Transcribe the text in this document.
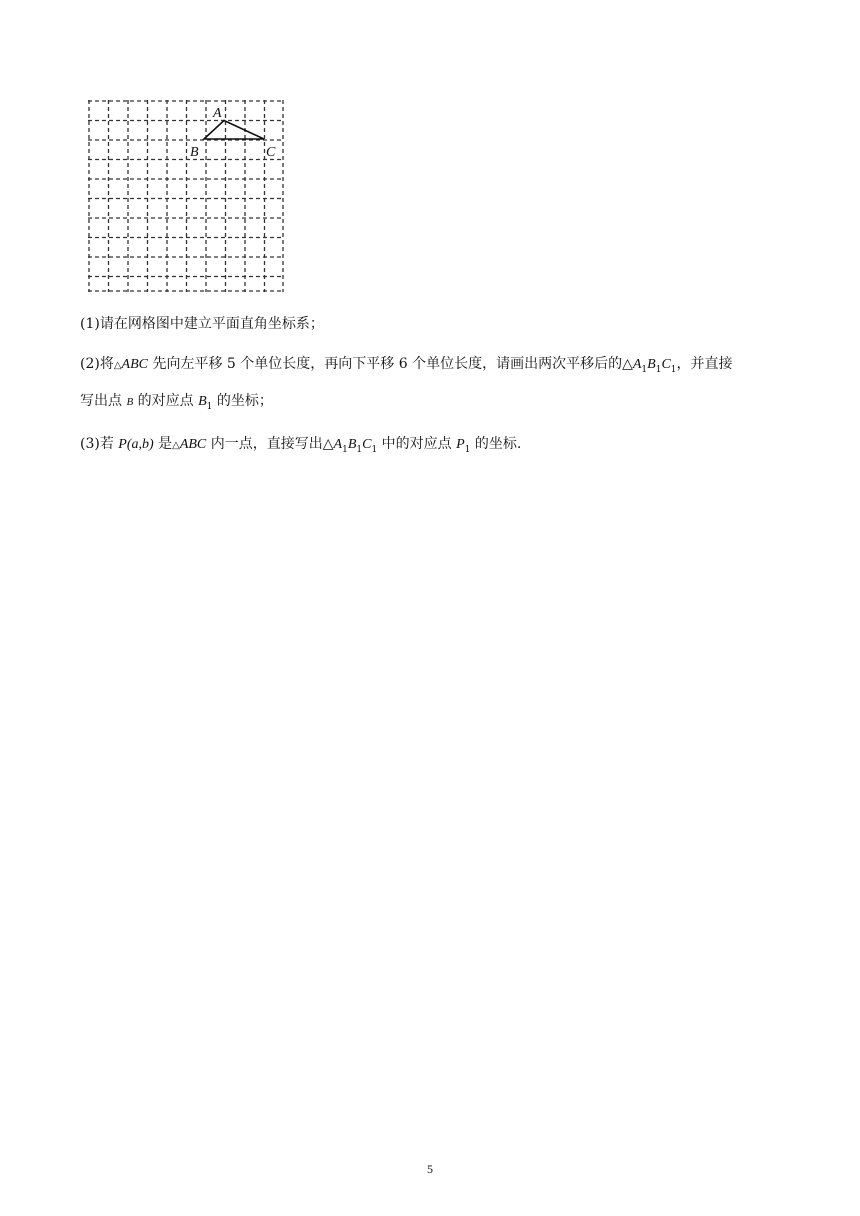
A
B	C
(1)请在网格图中建立平面直角坐标系；
(2)将△ABC 先向左平移 5 个单位长度，再向下平移 6 个单位长度，请画出两次平移后的$\triangle A_1B_1C_1$，并直接
写出点 B 的对应点 $B_1$ 的坐标；
(3)若 P(a,b) 是△ABC 内一点，直接写出$\triangle A_1B_1C_1$ 中的对应点 $P_1$ 的坐标.
5
